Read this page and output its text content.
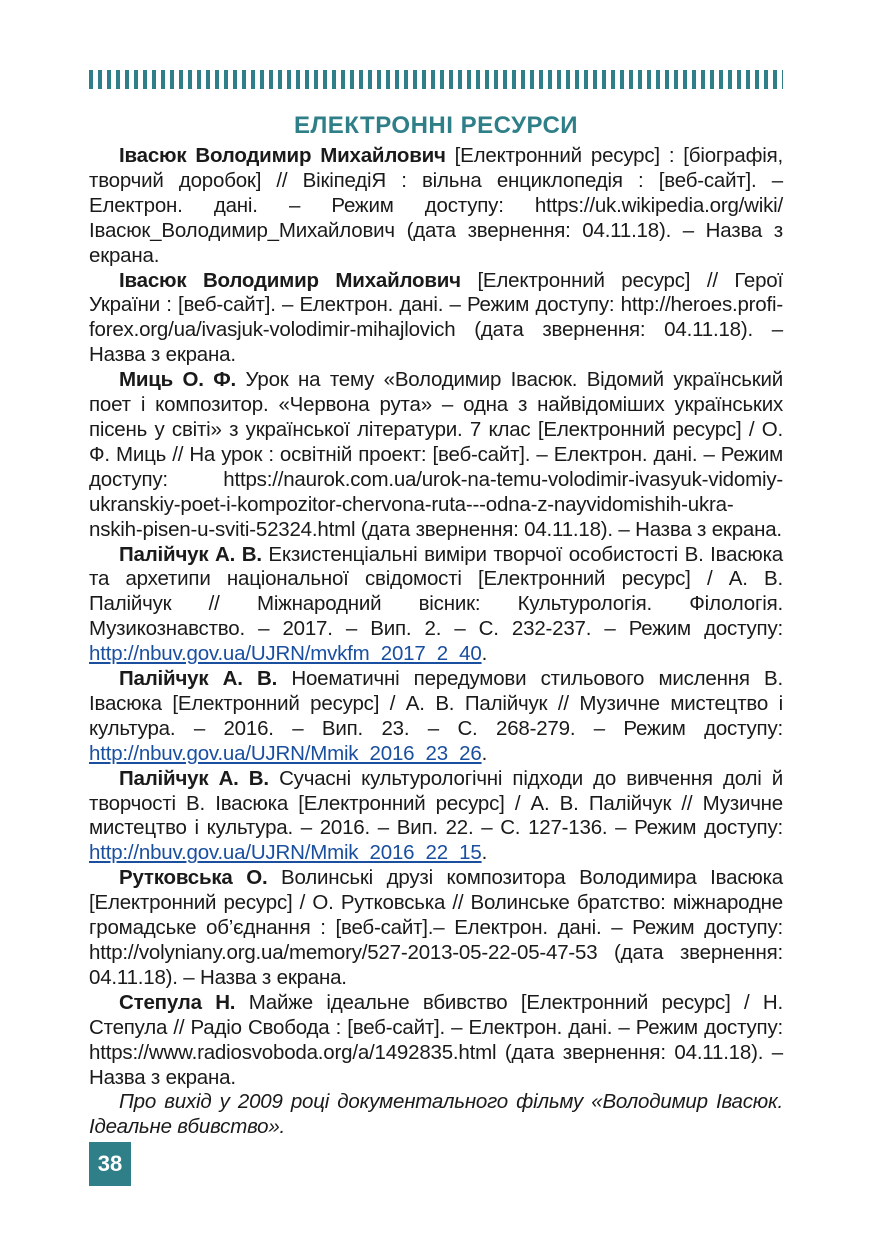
ЕЛЕКТРОННІ РЕСУРСИ

Івасюк Володимир Михайлович [Електронний ресурс] : [біографія, творчий доробок] // ВікіпедіЯ : вільна енциклопедія : [веб-сайт]. – Електрон. дані. – Режим доступу: https://uk.wikipedia.org/wiki/Івасюк_Володимир_Михайлович (дата звернення: 04.11.18). – Назва з екрана.

Івасюк Володимир Михайлович [Електронний ресурс] // Герої України : [веб-сайт]. – Електрон. дані. – Режим доступу: http://heroes.profi-forex.org/ua/ivasjuk-volodimir-mihajlovich (дата звернення: 04.11.18). – Назва з екрана.

Миць О. Ф. Урок на тему «Володимир Івасюк. Відомий український поет і композитор. «Червона рута» – одна з найвідоміших українських пісень у світі» з української літератури. 7 клас [Електронний ресурс] / О. Ф. Миць // На урок : освітній проект: [веб-сайт]. – Електрон. дані. – Режим доступу: https://naurok.com.ua/urok-na-temu-volodimir-ivasyuk-vidomiy-ukranskiy-poet-i-kompozitor-chervona-ruta---odna-z-nayvidomishih-ukra-nskih-pisen-u-sviti-52324.html (дата звернення: 04.11.18). – Назва з екрана.

Палійчук А. В. Екзистенціальні виміри творчої особистості В. Івасюка та архетипи національної свідомості [Електронний ресурс] / А. В. Палійчук // Міжнародний вісник: Культурологія. Філологія. Музикознавство. – 2017. – Вип. 2. – С. 232-237. – Режим доступу: http://nbuv.gov.ua/UJRN/mvkfm_2017_2_40.

Палійчук А. В. Ноематичні передумови стильового мислення В. Івасюка [Електронний ресурс] / А. В. Палійчук // Музичне мистецтво і культура. – 2016. – Вип. 23. – С. 268-279. – Режим доступу: http://nbuv.gov.ua/UJRN/Mmik_2016_23_26.

Палійчук А. В. Сучасні культурологічні підходи до вивчення долі й творчості В. Івасюка [Електронний ресурс] / А. В. Палійчук // Музичне мистецтво і культура. – 2016. – Вип. 22. – С. 127-136. – Режим доступу: http://nbuv.gov.ua/UJRN/Mmik_2016_22_15.

Рутковська О. Волинські друзі композитора Володимира Івасюка [Електронний ресурс] / О. Рутковська // Волинське братство: міжнародне громадське об’єднання : [веб-сайт].– Електрон. дані. – Режим доступу: http://volyniany.org.ua/memory/527-2013-05-22-05-47-53 (дата звернення: 04.11.18). – Назва з екрана.

Степула Н. Майже ідеальне вбивство [Електронний ресурс] / Н. Степула // Радіо Свобода : [веб-сайт]. – Електрон. дані. – Режим доступу: https://www.radiosvoboda.org/a/1492835.html (дата звернення: 04.11.18). – Назва з екрана.

Про вихід у 2009 році документального фільму «Володимир Івасюк. Ідеальне вбивство».

38
